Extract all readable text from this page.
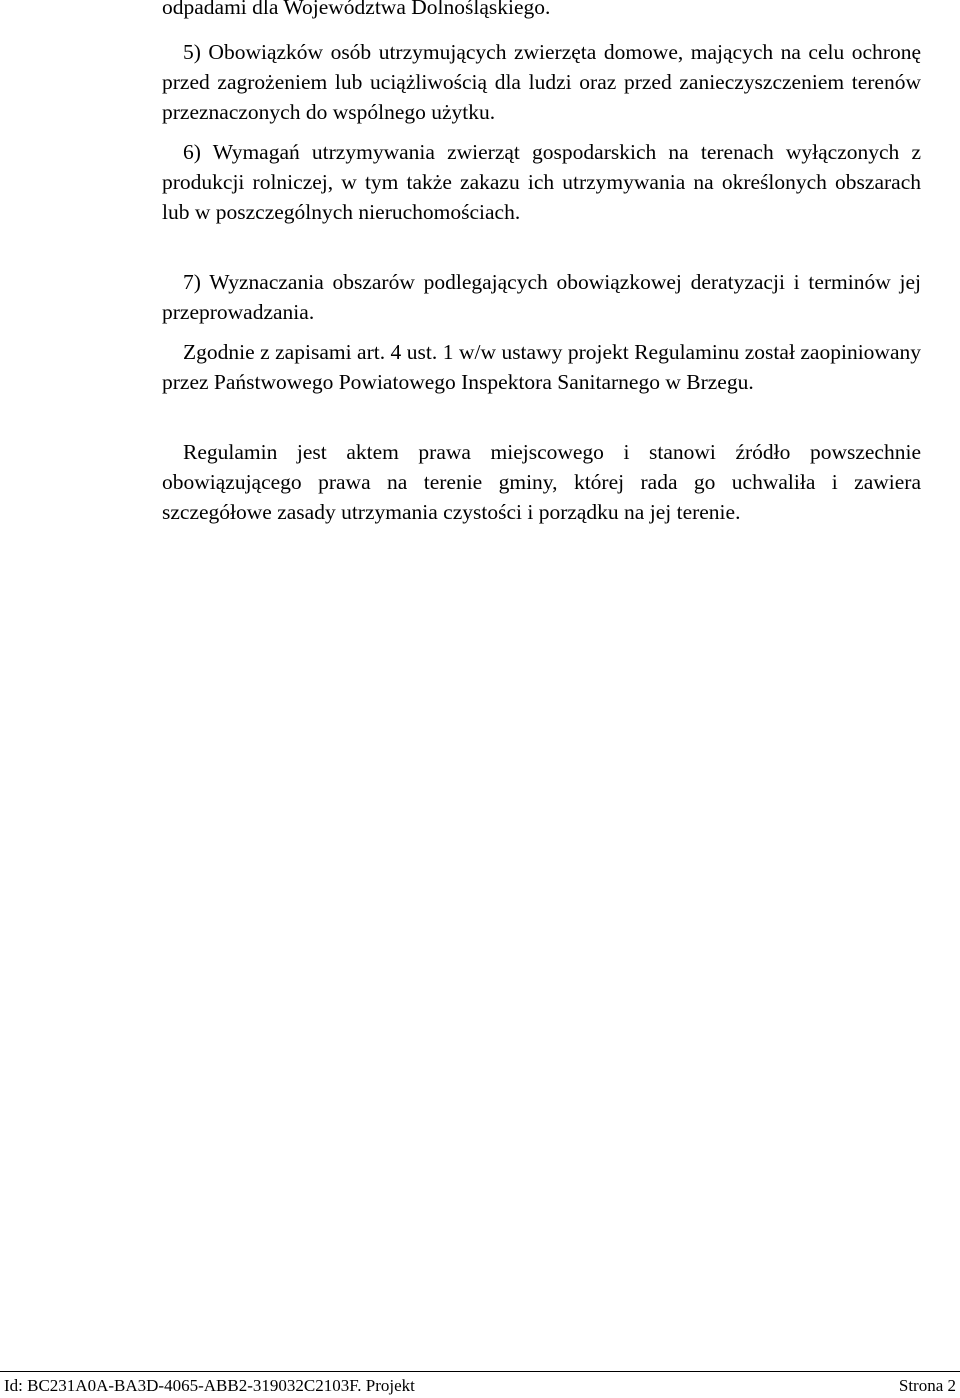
odpadami dla Województwa Dolnośląskiego.

5) Obowiązków osób utrzymujących zwierzęta domowe, mających na celu ochronę przed zagrożeniem lub uciążliwością dla ludzi oraz przed zanieczyszczeniem terenów przeznaczonych do wspólnego użytku.

6) Wymagań utrzymywania zwierząt gospodarskich na terenach wyłączonych z produkcji rolniczej, w tym także zakazu ich utrzymywania na określonych obszarach lub w poszczególnych nieruchomościach.

7) Wyznaczania obszarów podlegających obowiązkowej deratyzacji i terminów jej przeprowadzania.

Zgodnie z zapisami art. 4 ust. 1 w/w ustawy projekt Regulaminu został zaopiniowany przez Państwowego Powiatowego Inspektora Sanitarnego w Brzegu.

Regulamin jest aktem prawa miejscowego i stanowi źródło powszechnie obowiązującego prawa na terenie gminy, której rada go uchwaliła i zawiera szczegółowe zasady utrzymania czystości i porządku na jej terenie.

Id: BC231A0A-BA3D-4065-ABB2-319032C2103F. Projekt	Strona 2
